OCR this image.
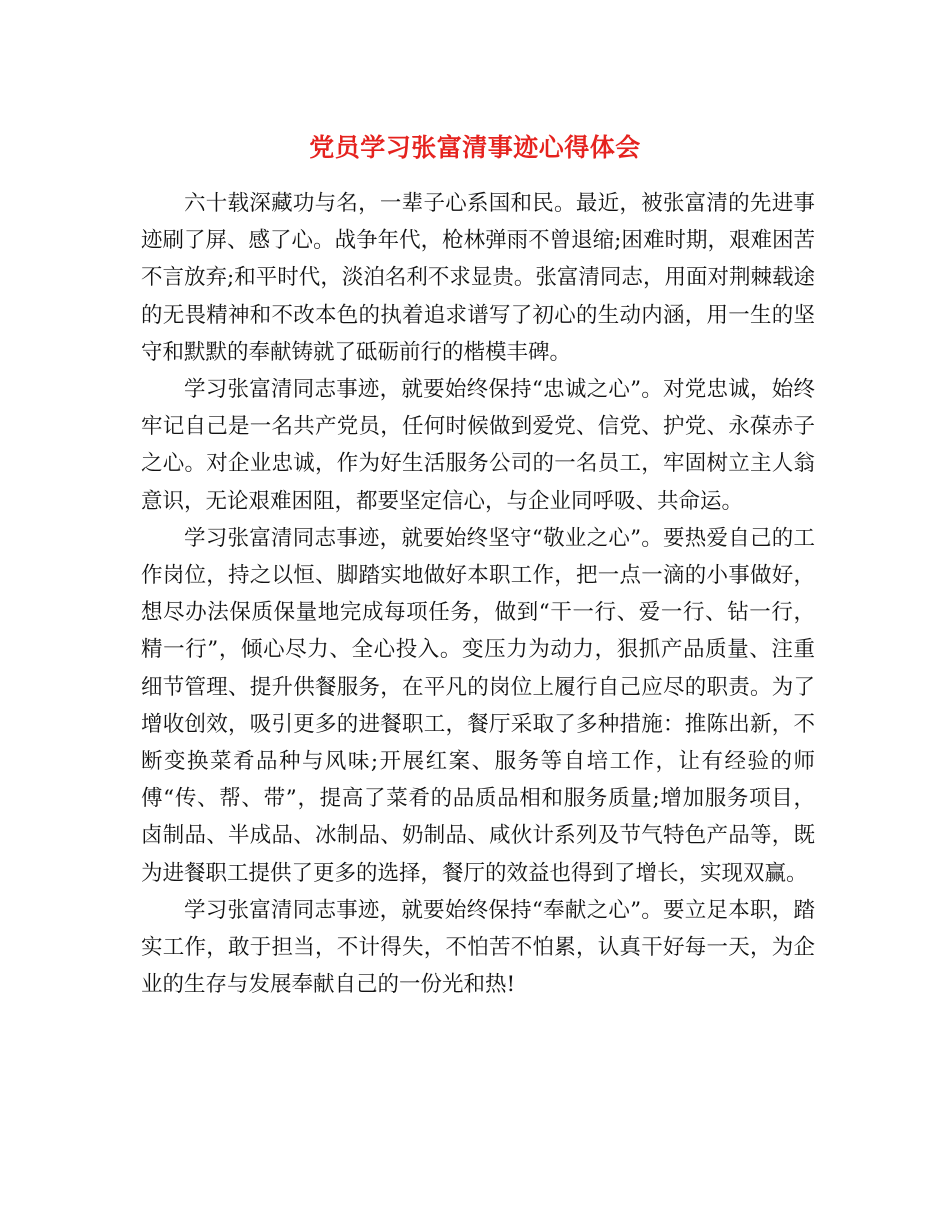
党员学习张富清事迹心得体会

六十载深藏功与名，一辈子心系国和民。最近，被张富清的先进事迹刷了屏、感了心。战争年代，枪林弹雨不曾退缩;困难时期，艰难困苦不言放弃;和平时代，淡泊名利不求显贵。张富清同志，用面对荆棘载途的无畏精神和不改本色的执着追求谱写了初心的生动内涵，用一生的坚守和默默的奉献铸就了砥砺前行的楷模丰碑。

学习张富清同志事迹，就要始终保持“忠诚之心”。对党忠诚，始终牢记自己是一名共产党员，任何时候做到爱党、信党、护党、永葆赤子之心。对企业忠诚，作为好生活服务公司的一名员工，牢固树立主人翁意识，无论艰难困阻，都要坚定信心，与企业同呼吸、共命运。

学习张富清同志事迹，就要始终坚守“敬业之心”。要热爱自己的工作岗位，持之以恒、脚踏实地做好本职工作，把一点一滴的小事做好，想尽办法保质保量地完成每项任务，做到“干一行、爱一行、钻一行，精一行”，倾心尽力、全心投入。变压力为动力，狠抓产品质量、注重细节管理、提升供餐服务，在平凡的岗位上履行自己应尽的职责。为了增收创效，吸引更多的进餐职工，餐厅采取了多种措施：推陈出新，不断变换菜肴品种与风味;开展红案、服务等自培工作，让有经验的师傅“传、帮、带”，提高了菜肴的品质品相和服务质量;增加服务项目，卤制品、半成品、冰制品、奶制品、咸伙计系列及节气特色产品等，既为进餐职工提供了更多的选择，餐厅的效益也得到了增长，实现双赢。

学习张富清同志事迹，就要始终保持“奉献之心”。要立足本职，踏实工作，敢于担当，不计得失，不怕苦不怕累，认真干好每一天，为企业的生存与发展奉献自己的一份光和热!
